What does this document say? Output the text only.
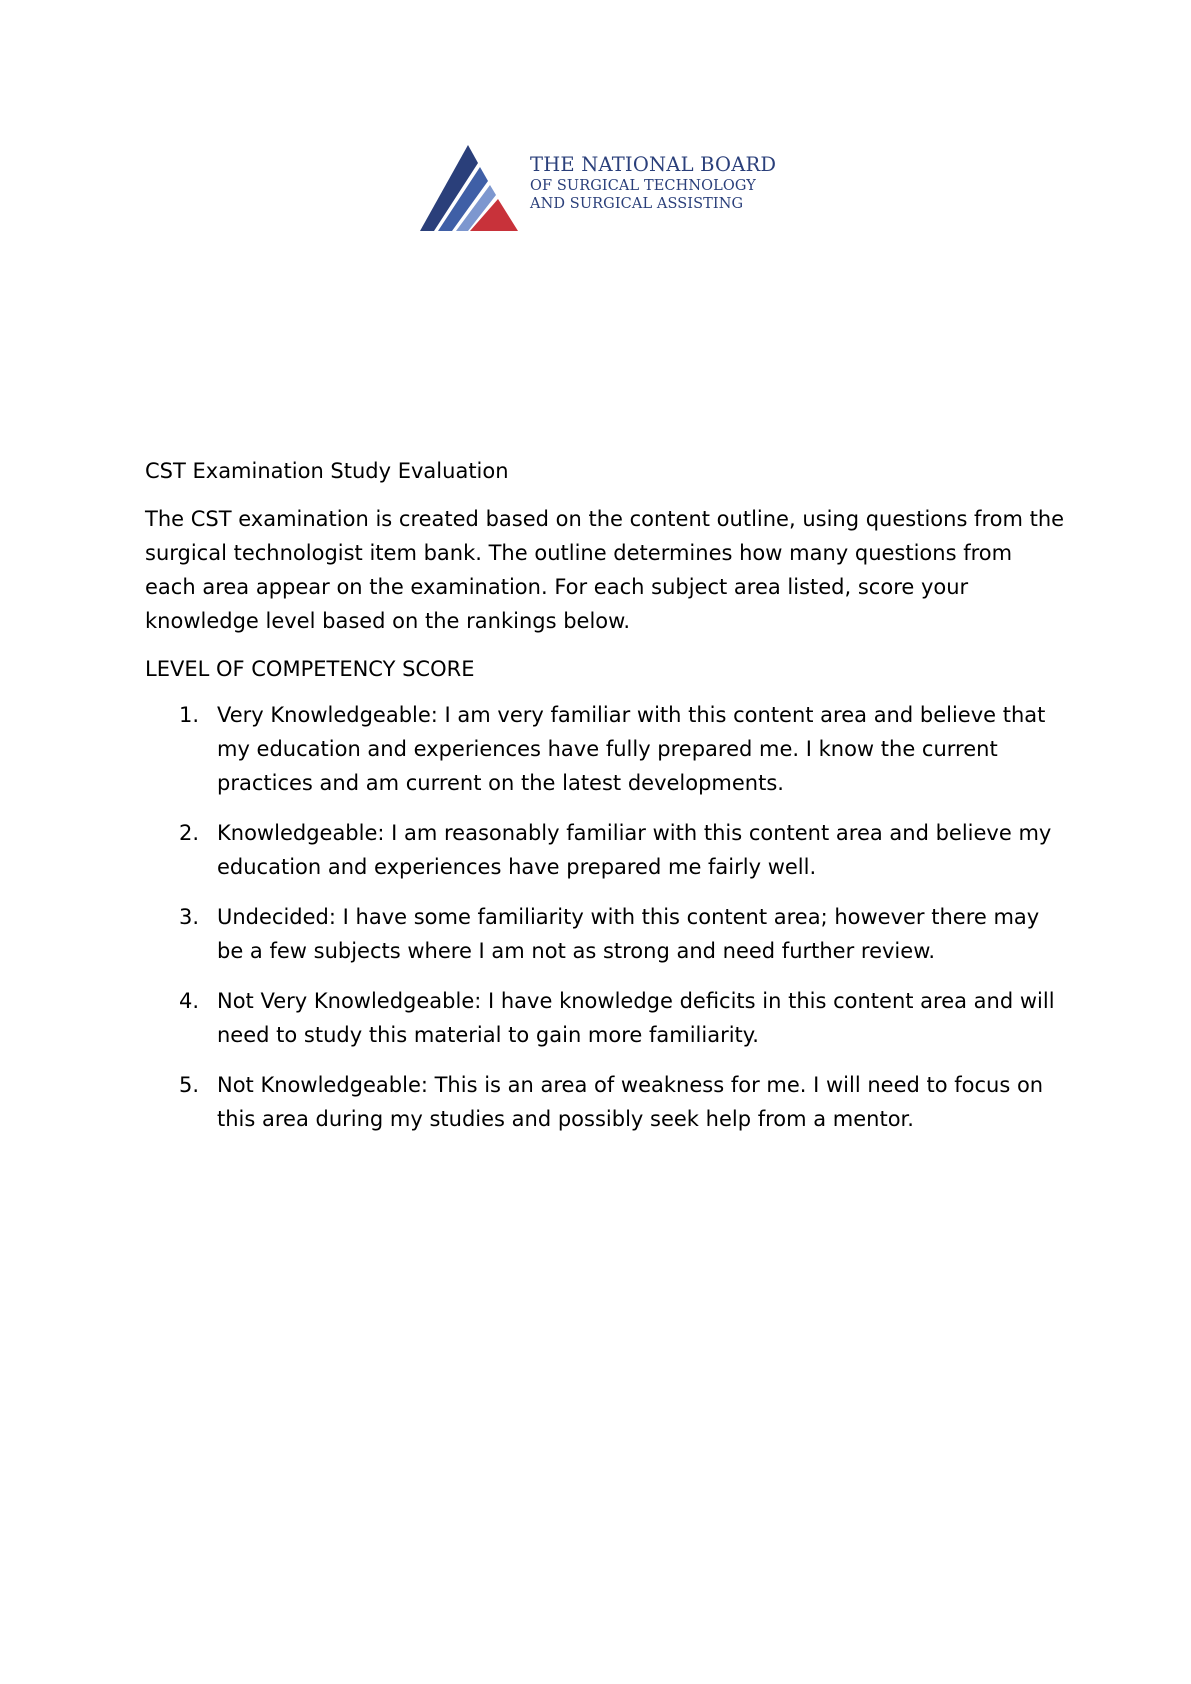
THE NATIONAL BOARD
OF SURGICAL TECHNOLOGY
AND SURGICAL ASSISTING
CST Examination Study Evaluation

The CST examination is created based on the content outline, using questions from the surgical technologist item bank. The outline determines how many questions from each area appear on the examination. For each subject area listed, score your knowledge level based on the rankings below.

LEVEL OF COMPETENCY SCORE

1. Very Knowledgeable: I am very familiar with this content area and believe that my education and experiences have fully prepared me. I know the current practices and am current on the latest developments.
2. Knowledgeable: I am reasonably familiar with this content area and believe my education and experiences have prepared me fairly well.
3. Undecided: I have some familiarity with this content area; however there may be a few subjects where I am not as strong and need further review.
4. Not Very Knowledgeable: I have knowledge deficits in this content area and will need to study this material to gain more familiarity.
5. Not Knowledgeable: This is an area of weakness for me. I will need to focus on this area during my studies and possibly seek help from a mentor.
